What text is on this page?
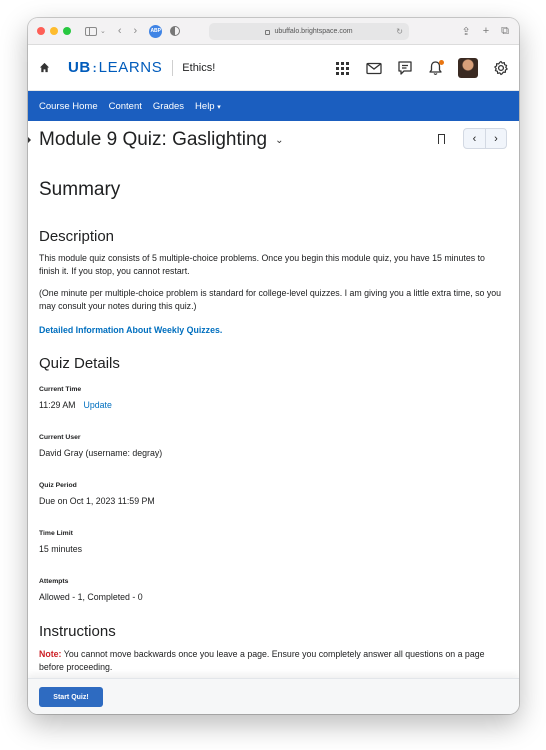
⌄ ‹ ›	ABP	ubuffalo.brightspace.com	↻	⇪ + ⧉
UB : LEARNS Ethics!
Course Home Content Grades Help ▾
Module 9 Quiz: Gaslighting ⌄	‹	›
Summary
Description

This module quiz consists of 5 multiple-choice problems. Once you begin this module quiz, you have 15 minutes to finish it. If you stop, you cannot restart.

(One minute per multiple-choice problem is standard for college-level quizzes. I am giving you a little extra time, so you may consult your notes during this quiz.)

Detailed Information About Weekly Quizzes.
Quiz Details
Current Time
11:29 AM Update
Current User
David Gray (username: degray)
Quiz Period
Due on Oct 1, 2023 11:59 PM
Time Limit
15 minutes
Attempts
Allowed - 1, Completed - 0
Instructions

Note: You cannot move backwards once you leave a page. Ensure you completely answer all questions on a page before proceeding.

Start Quiz!
